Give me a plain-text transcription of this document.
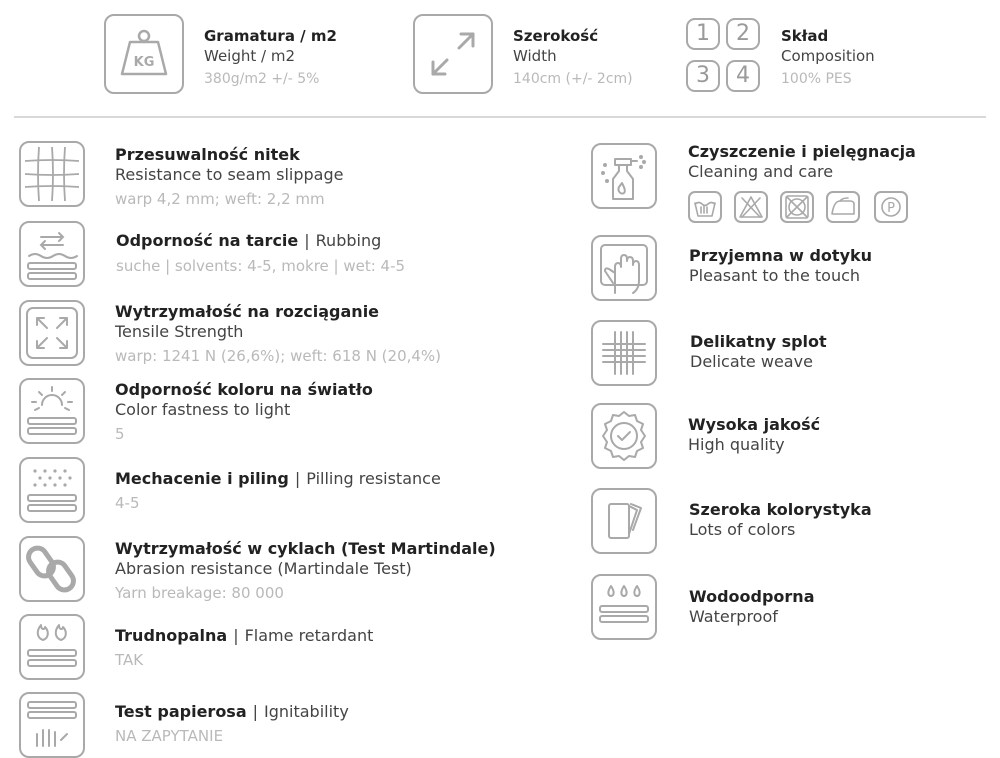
KG
Gramatura / m2
Weight / m2
380g/m2 +/- 5%
Szerokość
Width
140cm (+/- 2cm)
1	2
3	4
Skład
Composition
100% PES
Przesuwalność nitek
Resistance to seam slippage
warp 4,2 mm; weft: 2,2 mm
Odporność na tarcie | Rubbing
suche | solvents: 4-5, mokre | wet: 4-5
Wytrzymałość na rozciąganie
Tensile Strength
warp: 1241 N (26,6%); weft: 618 N (20,4%)
Odporność koloru na światło
Color fastness to light
5
Mechacenie i piling | Pilling resistance
4-5
Wytrzymałość w cyklach (Test Martindale)
Abrasion resistance (Martindale Test)
Yarn breakage: 80 000
Trudnopalna | Flame retardant
TAK
Test papierosa | Ignitability
NA ZAPYTANIE
Czyszczenie i pielęgnacja
Cleaning and care
P
Przyjemna w dotyku
Pleasant to the touch
Delikatny splot
Delicate weave
Wysoka jakość
High quality
Szeroka kolorystyka
Lots of colors
Wodoodporna
Waterproof
